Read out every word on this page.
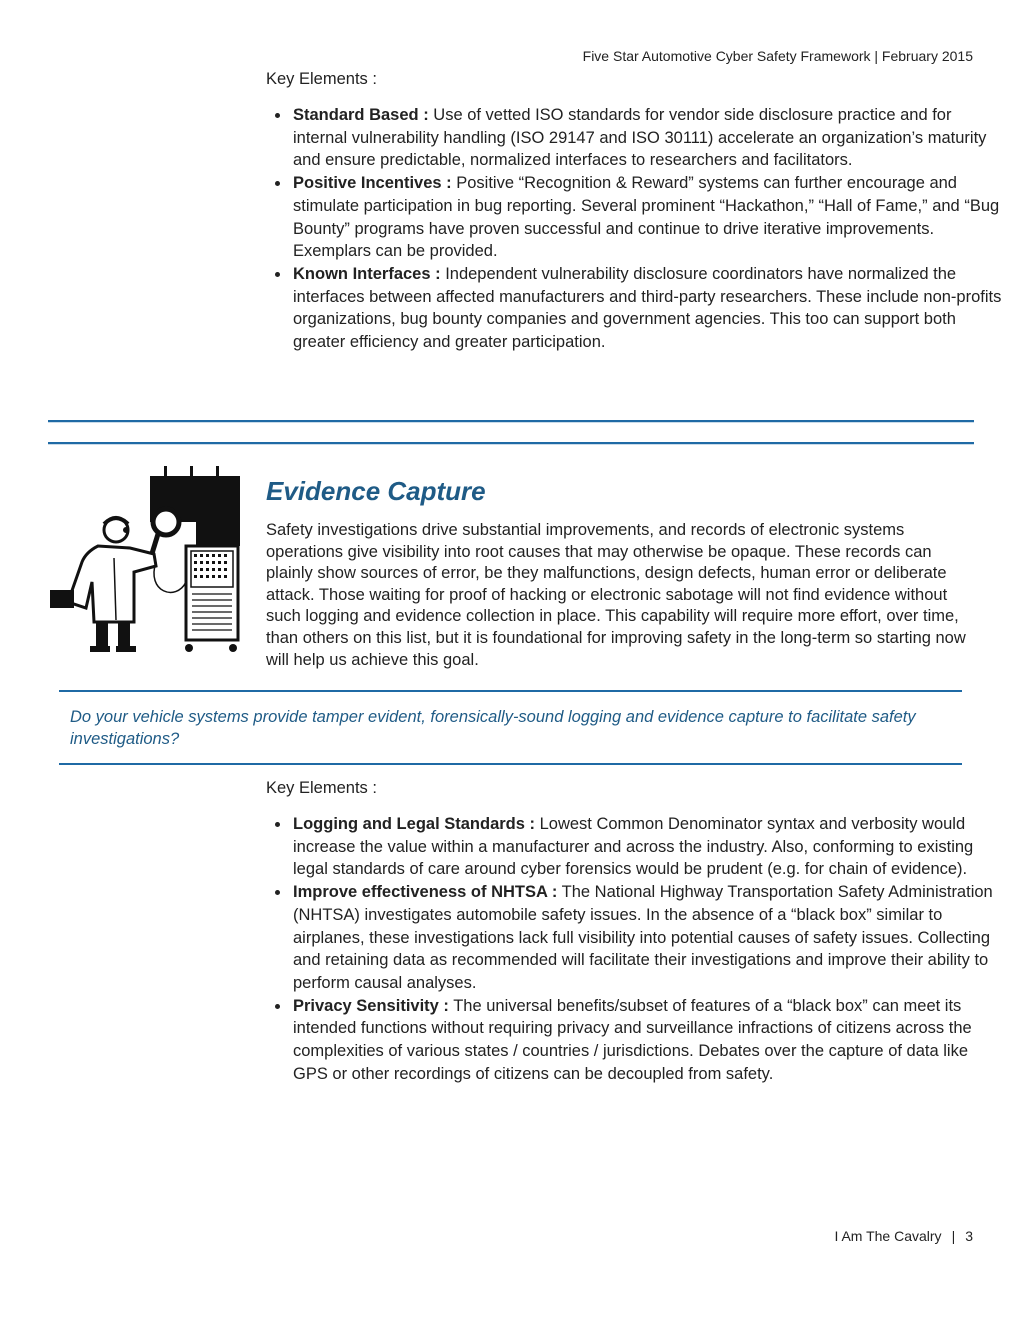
Five Star Automotive Cyber Safety Framework | February 2015
Key Elements :
Standard Based : Use of vetted ISO standards for vendor side disclosure practice and for internal vulnerability handling (ISO 29147 and ISO 30111) accelerate an organization’s maturity and ensure predictable, normalized interfaces to researchers and facilitators.
Positive Incentives : Positive “Recognition & Reward” systems can further encourage and stimulate participation in bug reporting. Several prominent “Hackathon,” “Hall of Fame,” and “Bug Bounty” programs have proven successful and continue to drive iterative improvements. Exemplars can be provided.
Known Interfaces : Independent vulnerability disclosure coordinators have normalized the interfaces between affected manufacturers and third-party researchers. These include non-profits organizations, bug bounty companies and government agencies. This too can support both greater efficiency and greater participation.
Evidence Capture

Safety investigations drive substantial improvements, and records of electronic systems operations give visibility into root causes that may otherwise be opaque. These records can plainly show sources of error, be they malfunctions, design defects, human error or deliberate attack. Those waiting for proof of hacking or electronic sabotage will not find evidence without such logging and evidence collection in place. This capability will require more effort, over time, than others on this list, but it is foundational for improving safety in the long-term so starting now will help us achieve this goal.

Do your vehicle systems provide tamper evident, forensically-sound logging and evidence capture to facilitate safety investigations?

Key Elements :
Logging and Legal Standards : Lowest Common Denominator syntax and verbosity would increase the value within a manufacturer and across the industry. Also, conforming to existing legal standards of care around cyber forensics would be prudent (e.g. for chain of evidence).
Improve effectiveness of NHTSA : The National Highway Transportation Safety Administration (NHTSA) investigates automobile safety issues. In the absence of a “black box” similar to airplanes, these investigations lack full visibility into potential causes of safety issues. Collecting and retaining data as recommended will facilitate their investigations and improve their ability to perform causal analyses.
Privacy Sensitivity : The universal benefits/subset of features of a “black box” can meet its intended functions without requiring privacy and surveillance infractions of citizens across the complexities of various states / countries / jurisdictions. Debates over the capture of data like GPS or other recordings of citizens can be decoupled from safety.
I Am The Cavalry | 3
